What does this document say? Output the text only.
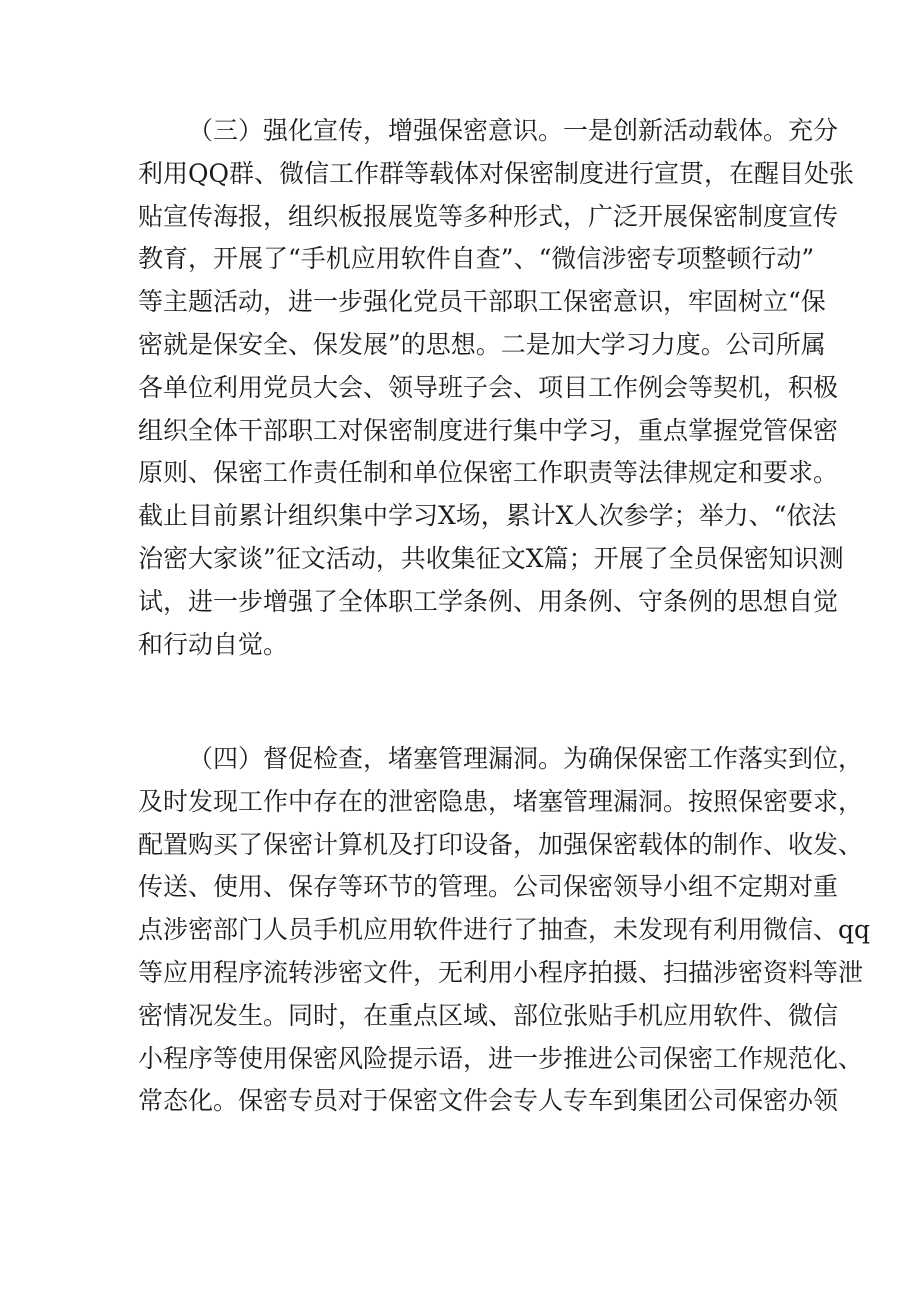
（三）强化宣传，增强保密意识。一是创新活动载体。充分
利用QQ群、微信工作群等载体对保密制度进行宣贯，在醒目处张
贴宣传海报，组织板报展览等多种形式，广泛开展保密制度宣传
教育，开展了“手机应用软件自查”、“微信涉密专项整顿行动”
等主题活动，进一步强化党员干部职工保密意识，牢固树立“保
密就是保安全、保发展”的思想。二是加大学习力度。公司所属
各单位利用党员大会、领导班子会、项目工作例会等契机，积极
组织全体干部职工对保密制度进行集中学习，重点掌握党管保密
原则、保密工作责任制和单位保密工作职责等法律规定和要求。
截止目前累计组织集中学习X场，累计X人次参学；举力、“依法
治密大家谈”征文活动，共收集征文X篇；开展了全员保密知识测
试，进一步增强了全体职工学条例、用条例、守条例的思想自觉
和行动自觉。
（四）督促检查，堵塞管理漏洞。为确保保密工作落实到位，
及时发现工作中存在的泄密隐患，堵塞管理漏洞。按照保密要求，
配置购买了保密计算机及打印设备，加强保密载体的制作、收发、
传送、使用、保存等环节的管理。公司保密领导小组不定期对重
点涉密部门人员手机应用软件进行了抽查，未发现有利用微信、qq
等应用程序流转涉密文件，无利用小程序拍摄、扫描涉密资料等泄
密情况发生。同时，在重点区域、部位张贴手机应用软件、微信
小程序等使用保密风险提示语，进一步推进公司保密工作规范化、
常态化。保密专员对于保密文件会专人专车到集团公司保密办领
